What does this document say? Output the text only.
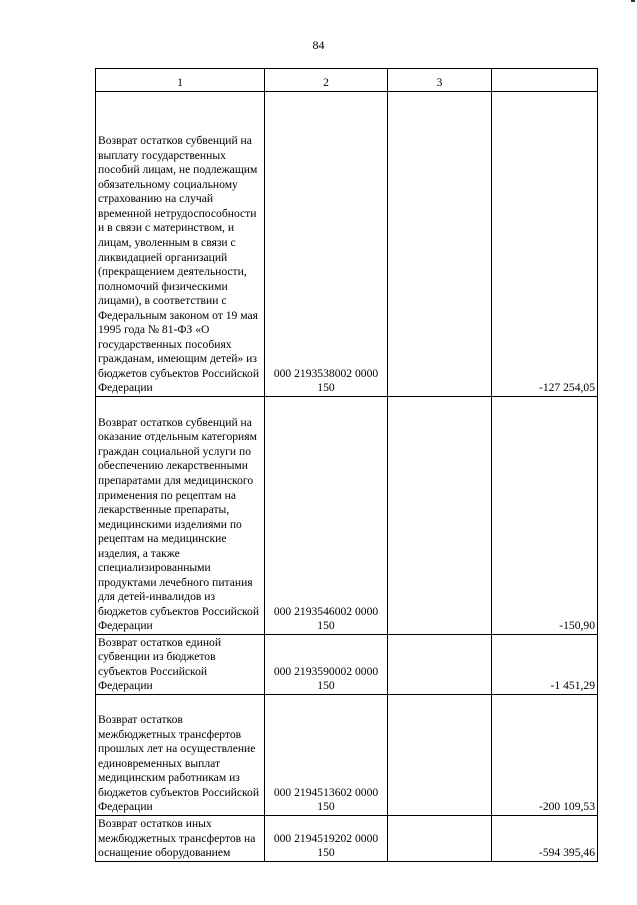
84
1	2	3	
Возврат остатков субвенций на выплату государственных пособий лицам, не подлежащим обязательному социальному страхованию на случай временной нетрудоспособности и в связи с материнством, и лицам, уволенным в связи с ликвидацией организаций (прекращением деятельности, полномочий физическими лицами), в соответствии с Федеральным законом от 19 мая 1995 года № 81-ФЗ «О государственных пособиях гражданам, имеющим детей» из бюджетов субъектов Российской Федерации	000 2193538002 0000 150		-127 254,05
Возврат остатков субвенций на оказание отдельным категориям граждан социальной услуги по обеспечению лекарственными препаратами для медицинского применения по рецептам на лекарственные препараты, медицинскими изделиями по рецептам на медицинские изделия, а также специализированными продуктами лечебного питания для детей-инвалидов из бюджетов субъектов Российской Федерации	000 2193546002 0000 150		-150,90
Возврат остатков единой субвенции из бюджетов субъектов Российской Федерации	000 2193590002 0000 150		-1 451,29
Возврат остатков межбюджетных трансфертов прошлых лет на осуществление единовременных выплат медицинским работникам из бюджетов субъектов Российской Федерации	000 2194513602 0000 150		-200 109,53
Возврат остатков иных межбюджетных трансфертов на оснащение оборудованием	000 2194519202 0000 150		-594 395,46
